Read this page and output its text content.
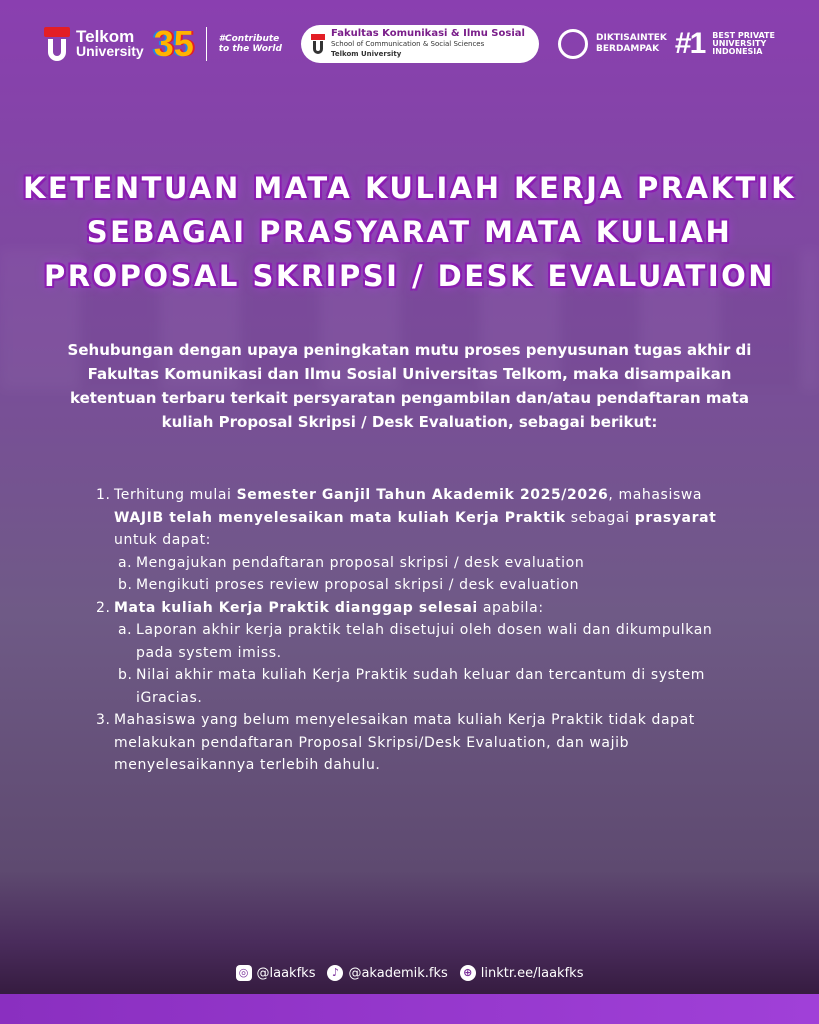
Telkom
University 35	#Contribute
to the World
Fakultas Komunikasi & Ilmu Sosial
School of Communication & Social Sciences
Telkom University
DIKTISAINTEK
BERDAMPAK #1 BEST PRIVATE
UNIVERSITY
INDONESIA
KETENTUAN MATA KULIAH KERJA PRAKTIK
SEBAGAI PRASYARAT MATA KULIAH
PROPOSAL SKRIPSI / DESK EVALUATION
Sehubungan dengan upaya peningkatan mutu proses penyusunan tugas akhir di Fakultas Komunikasi dan Ilmu Sosial Universitas Telkom, maka disampaikan ketentuan terbaru terkait persyaratan pengambilan dan/atau pendaftaran mata kuliah Proposal Skripsi / Desk Evaluation, sebagai berikut:
1. Terhitung mulai Semester Ganjil Tahun Akademik 2025/2026, mahasiswa WAJIB telah menyelesaikan mata kuliah Kerja Praktik sebagai prasyarat untuk dapat:
a. Mengajukan pendaftaran proposal skripsi / desk evaluation
b. Mengikuti proses review proposal skripsi / desk evaluation
2. Mata kuliah Kerja Praktik dianggap selesai apabila:
a. Laporan akhir kerja praktik telah disetujui oleh dosen wali dan dikumpulkan pada system imiss.
b. Nilai akhir mata kuliah Kerja Praktik sudah keluar dan tercantum di system iGracias.
3. Mahasiswa yang belum menyelesaikan mata kuliah Kerja Praktik tidak dapat melakukan pendaftaran Proposal Skripsi/Desk Evaluation, dan wajib menyelesaikannya terlebih dahulu.
◎ @laakfks	♪ @akademik.fks	⊕ linktr.ee/laakfks
